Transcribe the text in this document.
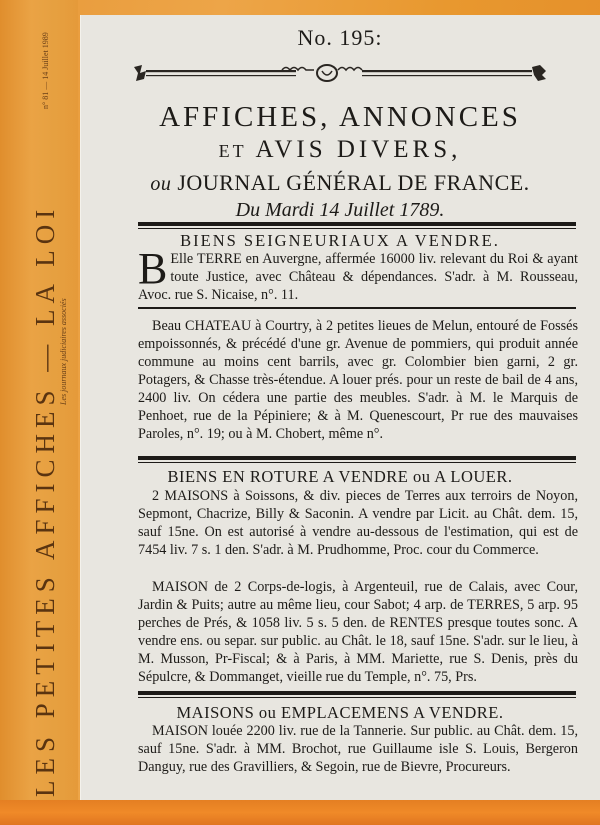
LES PETITES AFFICHES — LA LOI Les journaux judiciaires associés
n° 81 — 14 Juillet 1989	No. 195:
AFFICHES, ANNONCES
ET AVIS DIVERS,
ou JOURNAL GÉNÉRAL DE FRANCE.
Du Mardi 14 Juillet 1789.
BIENS SEIGNEURIAUX A VENDRE.

B Elle TERRE en Auvergne, affermée 16000 liv. relevant du Roi & ayant toute Justice, avec Château & dépendances. S'adr. à M. Rousseau, Avoc. rue S. Nicaise, n°. 11.

Beau CHATEAU à Courtry, à 2 petites lieues de Melun, entouré de Fossés empoissonnés, & précédé d'une gr. Avenue de pommiers, qui produit année commune au moins cent barrils, avec gr. Colombier bien garni, 2 gr. Potagers, & Chasse très-étendue. A louer prés. pour un reste de bail de 4 ans, 2400 liv. On cédera une partie des meubles. S'adr. à M. le Marquis de Penhoet, rue de la Pépiniere; & à M. Quenescourt, Pr rue des mauvaises Paroles, n°. 19; ou à M. Chobert, même n°.

BIENS EN ROTURE A VENDRE ou A LOUER.

2 MAISONS à Soissons, & div. pieces de Terres aux terroirs de Noyon, Sepmont, Chacrize, Billy & Saconin. A vendre par Licit. au Chât. dem. 15, sauf 15ne. On est autorisé à vendre au-dessous de l'estimation, qui est de 7454 liv. 7 s. 1 den. S'adr. à M. Prudhomme, Proc. cour du Commerce.

MAISON de 2 Corps-de-logis, à Argenteuil, rue de Calais, avec Cour, Jardin & Puits; autre au même lieu, cour Sabot; 4 arp. de TERRES, 5 arp. 95 perches de Prés, & 1058 liv. 5 s. 5 den. de RENTES presque toutes sonc. A vendre ens. ou separ. sur public. au Chât. le 18, sauf 15ne. S'adr. sur le lieu, à M. Musson, Pr-Fiscal; & à Paris, à MM. Mariette, rue S. Denis, près du Sépulcre, & Dommanget, vieille rue du Temple, n°. 75, Prs.

MAISONS ou EMPLACEMENS A VENDRE.

MAISON louée 2200 liv. rue de la Tannerie. Sur public. au Chât. dem. 15, sauf 15ne. S'adr. à MM. Brochot, rue Guillaume isle S. Louis, Bergeron Danguy, rue des Gravilliers, & Segoin, rue de Bievre, Procureurs.
